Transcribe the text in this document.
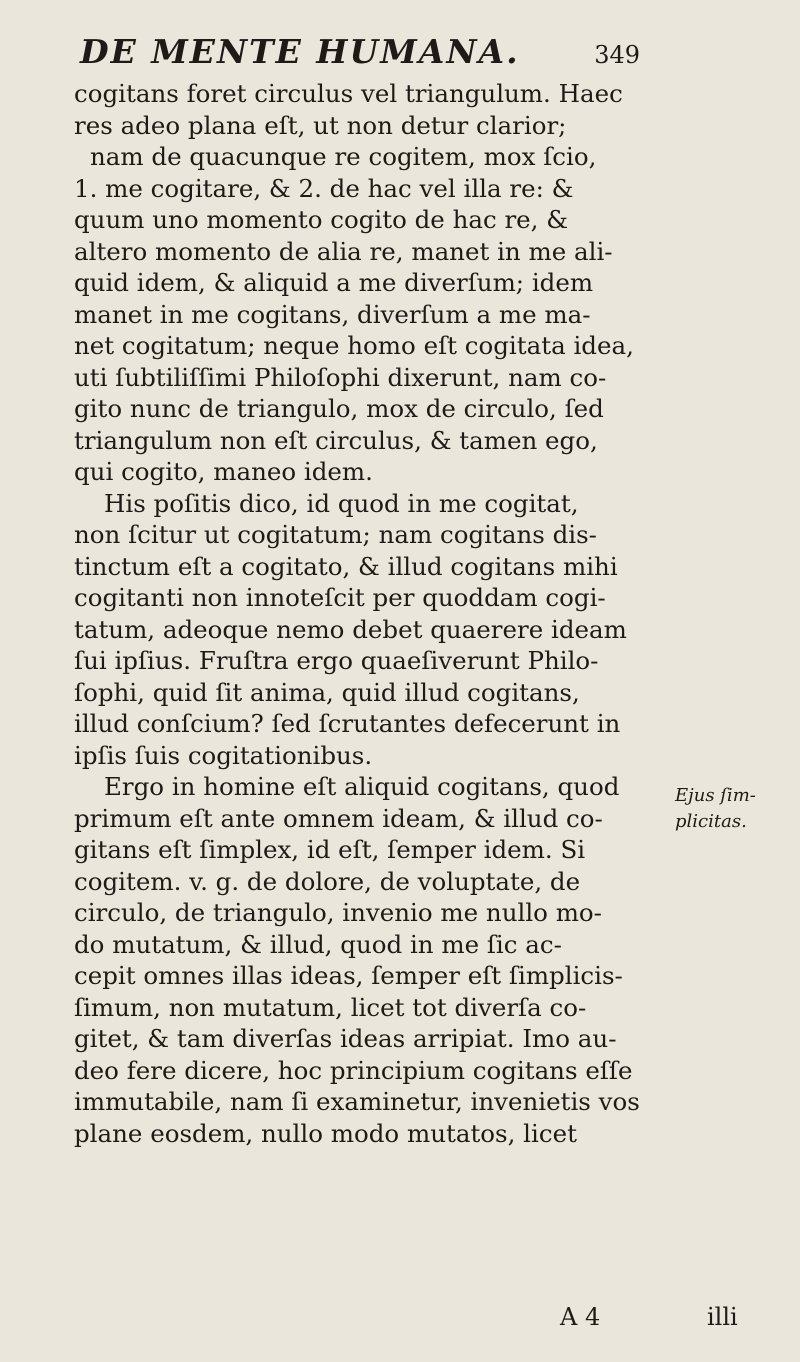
DE MENTE HUMANA.	349
cogitans foret circulus vel triangulum. Haec
res adeo plana eſt, ut non detur clarior;
nam de quacunque re cogitem, mox ſcio,
1. me cogitare, & 2. de hac vel illa re: &
quum uno momento cogito de hac re, &
altero momento de alia re, manet in me ali-
quid idem, & aliquid a me diverſum; idem
manet in me cogitans, diverſum a me ma-
net cogitatum; neque homo eſt cogitata idea,
uti ſubtiliſſimi Philoſophi dixerunt, nam co-
gito nunc de triangulo, mox de circulo, ſed
triangulum non eſt circulus, & tamen ego,
qui cogito, maneo idem.
His poſitis dico, id quod in me cogitat,
non ſcitur ut cogitatum; nam cogitans dis-
tinctum eſt a cogitato, & illud cogitans mihi
cogitanti non innoteſcit per quoddam cogi-
tatum, adeoque nemo debet quaerere ideam
ſui ipſius. Fruſtra ergo quaeſiverunt Philo-
ſophi, quid ſit anima, quid illud cogitans,
illud conſcium? ſed ſcrutantes defecerunt in
ipſis ſuis cogitationibus.
Ergo in homine eſt aliquid cogitans, quod
primum eſt ante omnem ideam, & illud co-
gitans eſt ſimplex, id eſt, ſemper idem. Si
cogitem. v. g. de dolore, de voluptate, de
circulo, de triangulo, invenio me nullo mo-
do mutatum, & illud, quod in me ſic ac-
cepit omnes illas ideas, ſemper eſt ſimplicis-
ſimum, non mutatum, licet tot diverſa co-
gitet, & tam diverſas ideas arripiat. Imo au-
deo fere dicere, hoc principium cogitans eſſe
immutabile, nam ſi examinetur, invenietis vos
plane eosdem, nullo modo mutatos, licet
Ejus ſim-
plicitas.
A 4	illi
